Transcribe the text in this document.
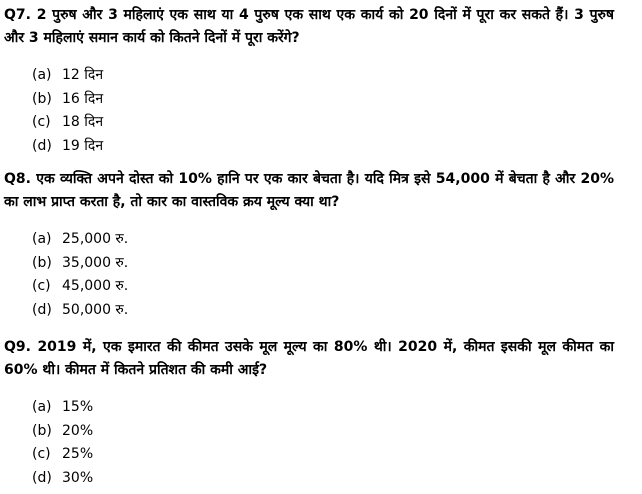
Q7. 2 पुरुष और 3 महिलाएं एक साथ या 4 पुरुष एक साथ एक कार्य को 20 दिनों में पूरा कर सकते हैं। 3 पुरुष और 3 महिलाएं समान कार्य को कितने दिनों में पूरा करेंगे?
(a) 12 दिन
(b) 16 दिन
(c) 18 दिन
(d) 19 दिन
Q8. एक व्यक्ति अपने दोस्त को 10% हानि पर एक कार बेचता है। यदि मित्र इसे 54,000 में बेचता है और 20% का लाभ प्राप्त करता है, तो कार का वास्तविक क्रय मूल्य क्या था?
(a) 25,000 रु.
(b) 35,000 रु.
(c) 45,000 रु.
(d) 50,000 रु.
Q9. 2019 में, एक इमारत की कीमत उसके मूल मूल्य का 80% थी। 2020 में, कीमत इसकी मूल कीमत का 60% थी। कीमत में कितने प्रतिशत की कमी आई?
(a) 15%
(b) 20%
(c) 25%
(d) 30%
